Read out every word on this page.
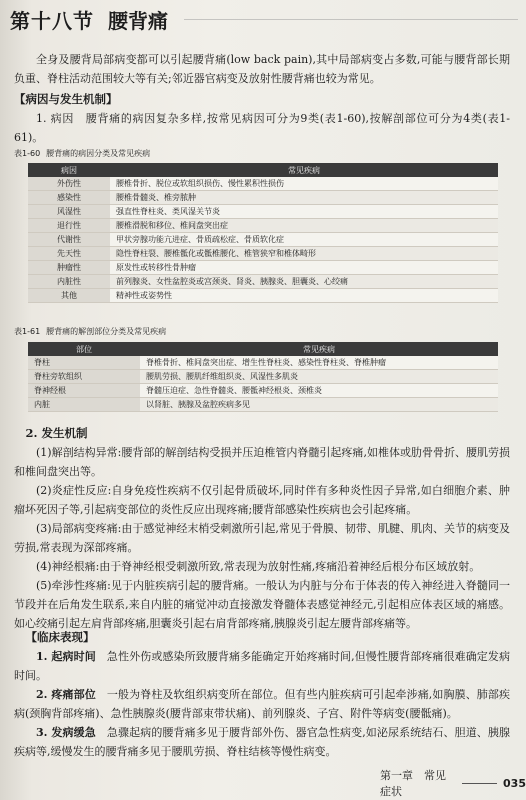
第十八节 腰背痛

全身及腰背局部病变都可以引起腰背痛(low back pain),其中局部病变占多数,可能与腰背部长期负重、脊柱活动范围较大等有关;邻近器官病变及放射性腰背痛也较为常见。

【病因与发生机制】

1. 病因　腰背痛的病因复杂多样,按常见病因可分为9类(表1-60),按解剖部位可分为4类(表1-61)。

表1-60 腰背痛的病因分类及常见疾病
病因	常见疾病
外伤性	腰椎骨折、脱位或软组织损伤、慢性累积性损伤
感染性	腰椎骨髓炎、椎旁脓肿
风湿性	强直性脊柱炎、类风湿关节炎
退行性	腰椎滑脱和移位、椎间盘突出症
代谢性	甲状旁腺功能亢进症、骨质疏松症、骨质软化症
先天性	隐性脊柱裂、腰椎骶化或骶椎腰化、椎管狭窄和椎体畸形
肿瘤性	原发性或转移性骨肿瘤
内脏性	前列腺炎、女性盆腔炎或宫颈炎、肾炎、胰腺炎、胆囊炎、心绞痛
其他	精神性或姿势性
表1-61 腰背痛的解剖部位分类及常见疾病
部位	常见疾病
脊柱	脊椎骨折、椎间盘突出症、增生性脊柱炎、感染性脊柱炎、脊椎肿瘤
脊柱旁软组织	腰肌劳损、腰肌纤维组织炎、风湿性多肌炎
脊神经根	脊髓压迫症、急性脊髓炎、腰骶神经根炎、颈椎炎
内脏	以肾脏、胰腺及盆腔疾病多见

2. 发生机制

(1)解剖结构异常:腰背部的解剖结构受损并压迫椎管内脊髓引起疼痛,如椎体或肋骨骨折、腰肌劳损和椎间盘突出等。

(2)炎症性反应:自身免疫性疾病不仅引起骨质破坏,同时伴有多种炎性因子异常,如白细胞介素、肿瘤坏死因子等,引起病变部位的炎性反应出现疼痛;腰背部感染性疾病也会引起疼痛。

(3)局部病变疼痛:由于感觉神经末梢受刺激所引起,常见于骨膜、韧带、肌腱、肌肉、关节的病变及劳损,常表现为深部疼痛。

(4)神经根痛:由于脊神经根受刺激所致,常表现为放射性痛,疼痛沿着神经后根分布区域放射。

(5)牵涉性疼痛:见于内脏疾病引起的腰背痛。一般认为内脏与分布于体表的传入神经进入脊髓同一节段并在后角发生联系,来自内脏的痛觉冲动直接激发脊髓体表感觉神经元,引起相应体表区域的痛感。如心绞痛引起左肩背部疼痛,胆囊炎引起右肩背部疼痛,胰腺炎引起左腰背部疼痛等。

【临床表现】

1. 起病时间　 急性外伤或感染所致腰背痛多能确定开始疼痛时间,但慢性腰背部疼痛很难确定发病时间。

2. 疼痛部位　 一般为脊柱及软组织病变所在部位。但有些内脏疾病可引起牵涉痛,如胸膜、肺部疾病(颈胸背部疼痛)、急性胰腺炎(腰背部束带状痛)、前列腺炎、子宫、附件等病变(腰骶痛)。

3. 发病缓急　 急骤起病的腰背痛多见于腰背部外伤、器官急性病变,如泌尿系统结石、胆道、胰腺疾病等,缓慢发生的腰背痛多见于腰肌劳损、脊柱结核等慢性病变。

第一章　常见症状
035
